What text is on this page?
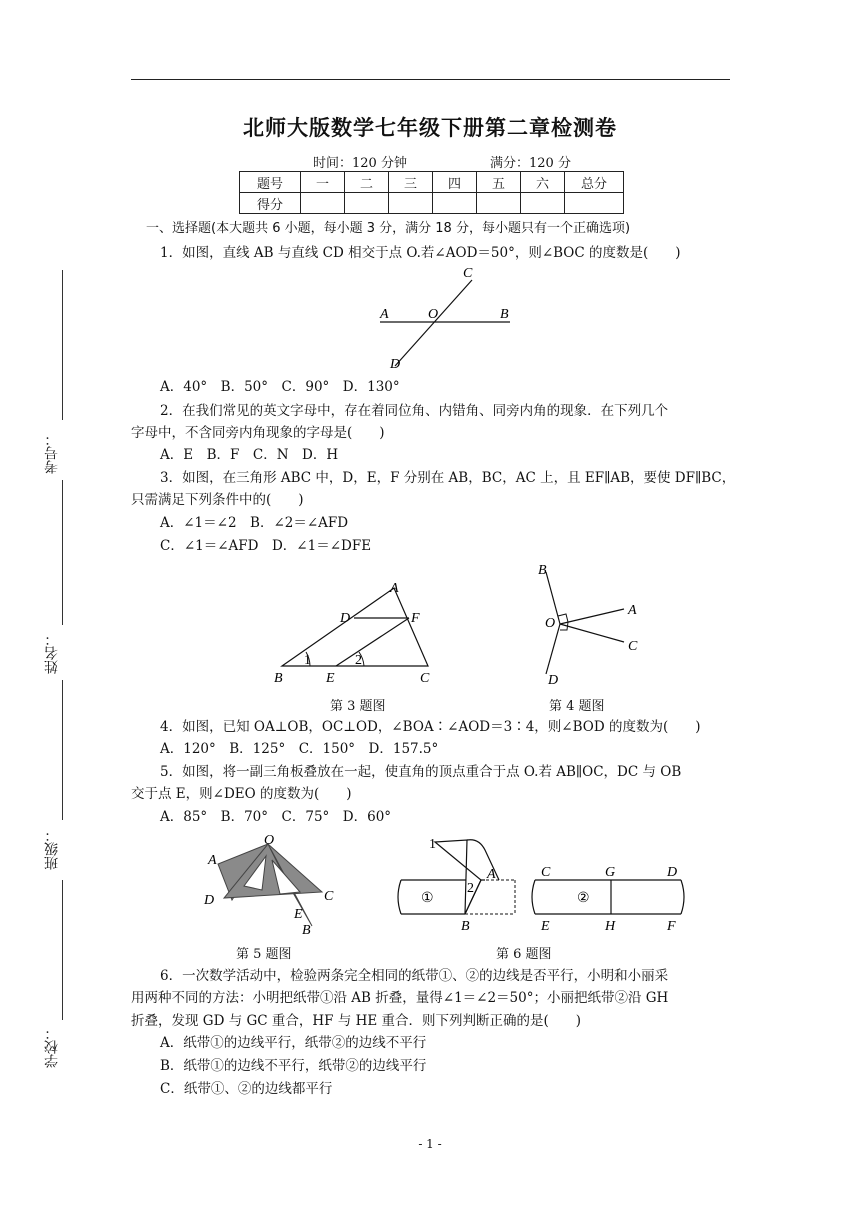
北师大版数学七年级下册第二章检测卷
时间：120 分钟	满分：120 分
题号	一	二	三	四	五	六	总分
得分							
一、选择题(本大题共 6 小题，每小题 3 分，满分 18 分，每小题只有一个正确选项)
1．如图，直线 AB 与直线 CD 相交于点 O.若∠AOD＝50°，则∠BOC 的度数是(　　)
C
A	O	B
D
A．40°　B．50°　C．90°　D．130°
2．在我们常见的英文字母中，存在着同位角、内错角、同旁内角的现象．在下列几个
字母中，不含同旁内角现象的字母是(　　)
A．E　B．F　C．N　D．H
3．如图，在三角形 ABC 中，D，E，F 分别在 AB，BC，AC 上，且 EF∥AB，要使 DF∥BC，
只需满足下列条件中的(　　)
A．∠1＝∠2　B．∠2＝∠AFD
C．∠1＝∠AFD　D．∠1＝∠DFE
A
D	F
1	2
B	E	C
B
A
O
C
D
第 3 题图	第 4 题图
4．如图，已知 OA⊥OB，OC⊥OD，∠BOA∶∠AOD＝3∶4，则∠BOD 的度数为(　　)
A．120°　B．125°　C．150°　D．157.5°
5．如图，将一副三角板叠放在一起，使直角的顶点重合于点 O.若 AB∥OC，DC 与 OB
交于点 E，则∠DEO 的度数为(　　)
A．85°　B．70°　C．75°　D．60°
O
A
D	C
E
B
1
2
A
①
B
C	G	D
②
E	H	F
第 5 题图	第 6 题图
6．一次数学活动中，检验两条完全相同的纸带①、②的边线是否平行，小明和小丽采
用两种不同的方法：小明把纸带①沿 AB 折叠，量得∠1＝∠2＝50°；小丽把纸带②沿 GH
折叠，发现 GD 与 GC 重合，HF 与 HE 重合．则下列判断正确的是(　　)
A．纸带①的边线平行，纸带②的边线不平行
B．纸带①的边线不平行，纸带②的边线平行
C．纸带①、②的边线都平行
考号：
姓名：
班级：
学校：
- 1 -
